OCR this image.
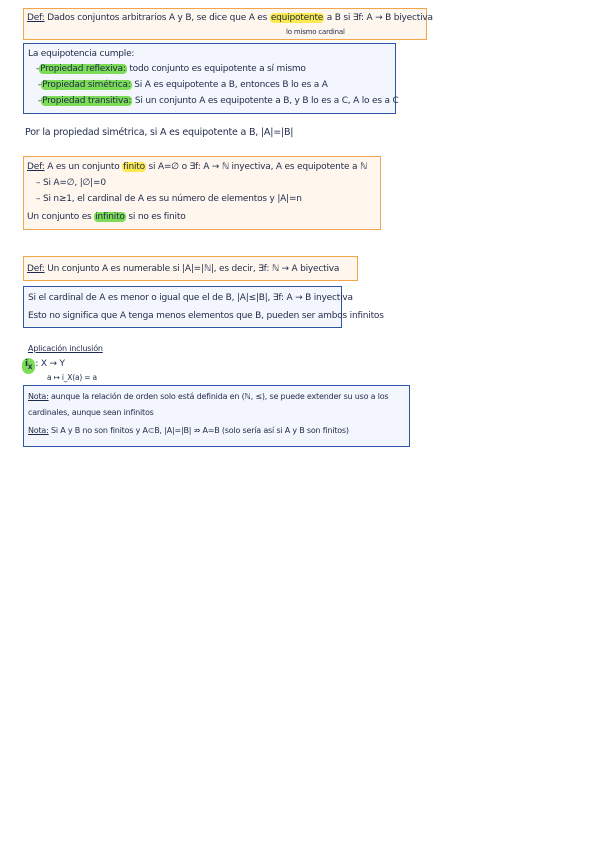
Def: Dados conjuntos arbitrarios A y B, se dice que A es equipotente a B si ∃f: A → B biyectiva
lo mismo cardinal
La equipotencia cumple:
-Propiedad reflexiva: todo conjunto es equipotente a sí mismo
-Propiedad simétrica: Si A es equipotente a B, entonces B lo es a A
-Propiedad transitiva: Si un conjunto A es equipotente a B, y B lo es a C, A lo es a C
Por la propiedad simétrica, si A es equipotente a B, |A|=|B|
Def: A es un conjunto finito si A=∅ o ∃f: A → ℕ inyectiva, A es equipotente a ℕ
– Si A=∅, |∅|=0
– Si n≥1, el cardinal de A es su número de elementos y |A|=n
Un conjunto es infinito si no es finito
Def: Un conjunto A es numerable si |A|=|ℕ|, es decir, ∃f: ℕ → A biyectiva
Si el cardinal de A es menor o igual que el de B, |A|≤|B|, ∃f: A → B inyectiva
Esto no significa que A tenga menos elementos que B, pueden ser ambos infinitos
Aplicación inclusión
$i_X$ : X → Y
a ↦ i_X(a) = a
Nota: aunque la relación de orden solo está definida en (ℕ, ≤), se puede extender su uso a los
cardinales, aunque sean infinitos
Nota: Si A y B no son finitos y A⊂B, |A|=|B| ⇏ A=B (solo sería así si A y B son finitos)
